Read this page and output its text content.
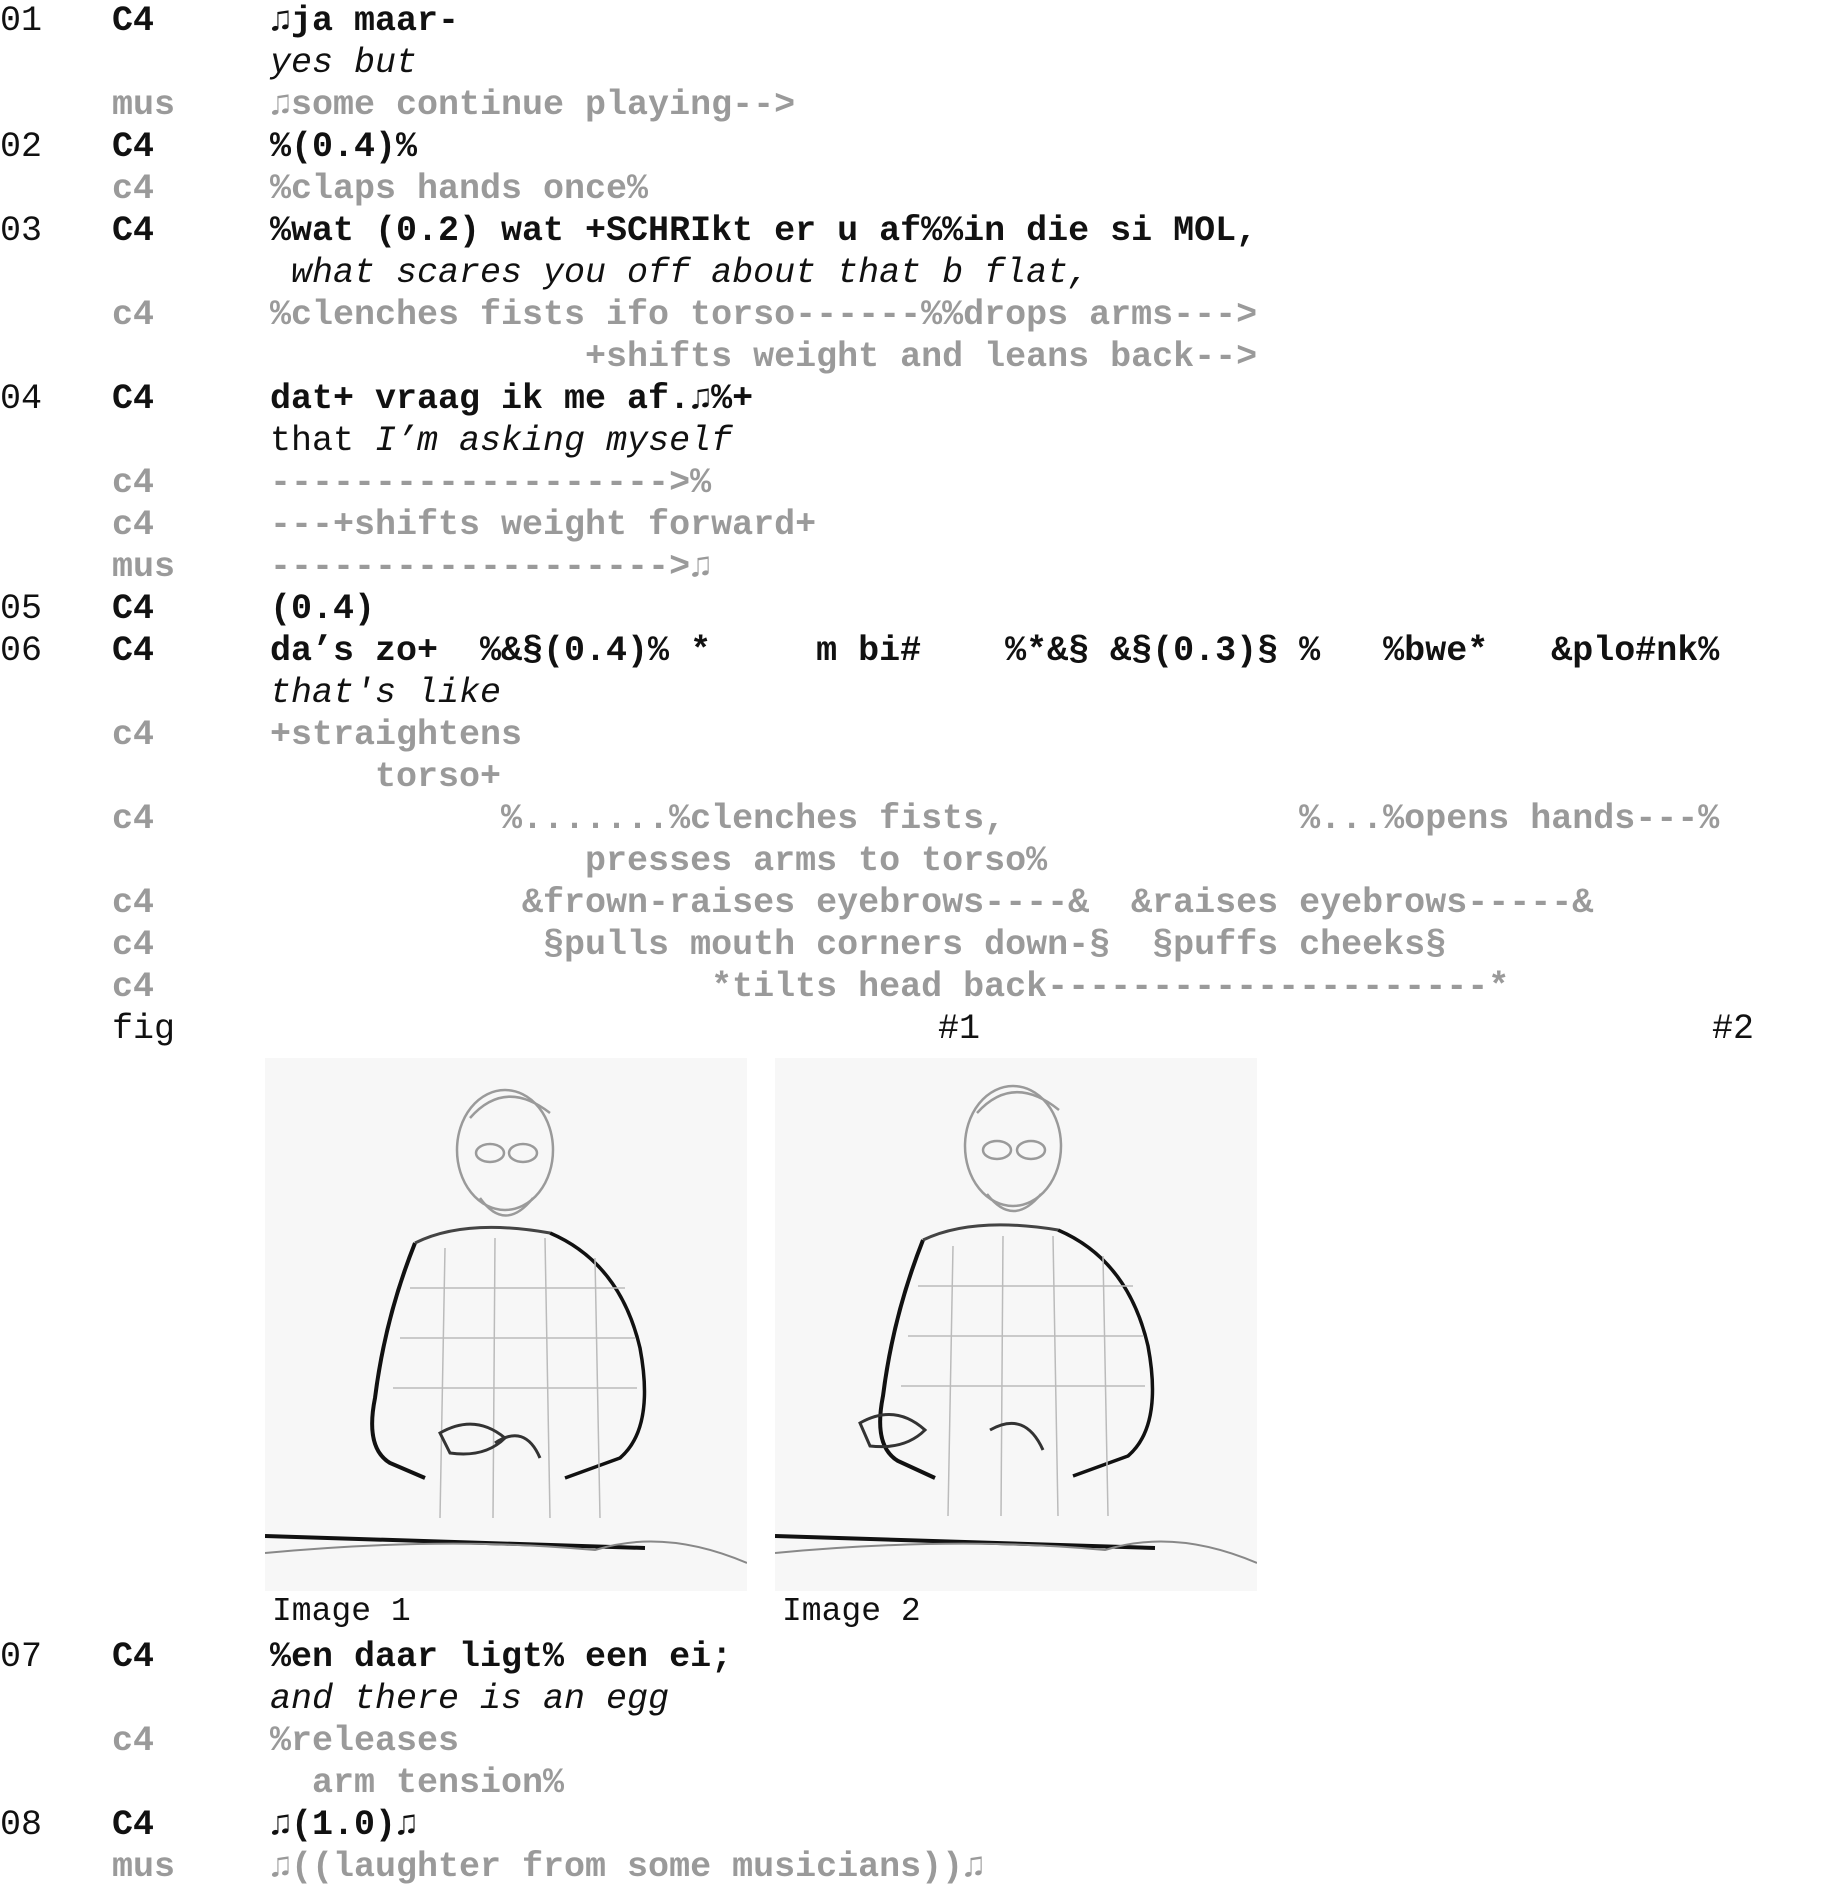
01 C4	♫ja maar-
yes but
mus	♫some continue playing-->
02 C4	%(0.4)%
c4	%claps hands once%
03 C4	%wat (0.2) wat +SCHRIkt er u af%%in die si MOL,
what scares you off about that b flat,
c4	%clenches fists ifo torso------%%drops arms--->
+shifts weight and leans back-->
04 C4	dat+ vraag ik me af.♫%+
that I’m asking myself
c4	------------------->%
c4	---+shifts weight forward+
mus	------------------->♫
05 C4	(0.4)
06 C4	da’s zo+  %&§(0.4)% *     m bi#    %*&§ &§(0.3)§ %   %bwe*   &plo#nk%
that's like
c4	+straightens
torso+
c4	%.......%clenches fists,              %...%opens hands---%
presses arms to torso%
c4	&frown-raises eyebrows----&  &raises eyebrows-----&
c4	§pulls mouth corners down-§  §puffs cheeks§
c4	*tilts head back---------------------*
fig	#1	#2
Image 1	Image 2
07 C4	%en daar ligt% een ei;
and there is an egg
c4	%releases
arm tension%
08 C4	♫(1.0)♫
mus	♫((laughter from some musicians))♫
